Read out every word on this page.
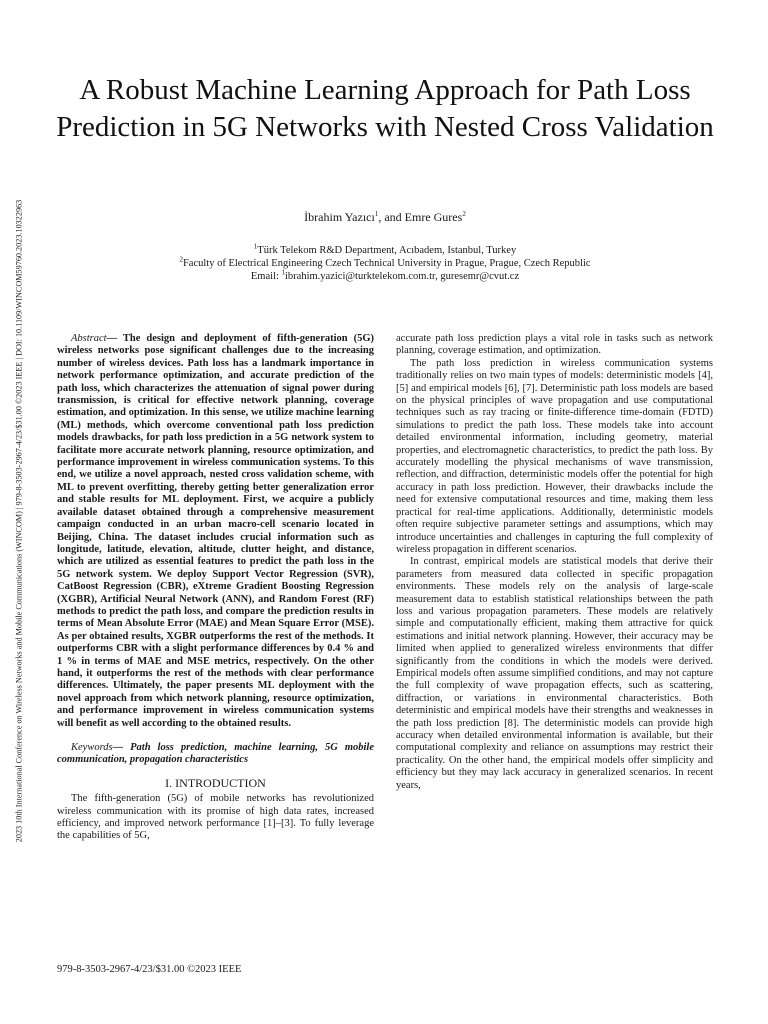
2023 10th International Conference on Wireless Networks and Mobile Communications (WINCOM) | 979-8-3503-2967-4/23/$31.00 ©2023 IEEE | DOI: 10.1109/WINCOM59760.2023.10322963
A Robust Machine Learning Approach for Path Loss Prediction in 5G Networks with Nested Cross Validation
İbrahim Yazıcı$^1$, and Emre Gures$^2$
$^1$Türk Telekom R&D Department, Acıbadem, Istanbul, Turkey
$^2$Faculty of Electrical Engineering Czech Technical University in Prague, Prague, Czech Republic
Email: $^1$ibrahim.yazici@turktelekom.com.tr, guresemr@cvut.cz

Abstract— The design and deployment of fifth-generation (5G) wireless networks pose significant challenges due to the increasing number of wireless devices. Path loss has a landmark importance in network performance optimization, and accurate prediction of the path loss, which characterizes the attenuation of signal power during transmission, is critical for effective network planning, coverage estimation, and optimization. In this sense, we utilize machine learning (ML) methods, which overcome conventional path loss prediction models drawbacks, for path loss prediction in a 5G network system to facilitate more accurate network planning, resource optimization, and performance improvement in wireless communication systems. To this end, we utilize a novel approach, nested cross validation scheme, with ML to prevent overfitting, thereby getting better generalization error and stable results for ML deployment. First, we acquire a publicly available dataset obtained through a comprehensive measurement campaign conducted in an urban macro-cell scenario located in Beijing, China. The dataset includes crucial information such as longitude, latitude, elevation, altitude, clutter height, and distance, which are utilized as essential features to predict the path loss in the 5G network system. We deploy Support Vector Regression (SVR), CatBoost Regression (CBR), eXtreme Gradient Boosting Regression (XGBR), Artificial Neural Network (ANN), and Random Forest (RF) methods to predict the path loss, and compare the prediction results in terms of Mean Absolute Error (MAE) and Mean Square Error (MSE). As per obtained results, XGBR outperforms the rest of the methods. It outperforms CBR with a slight performance differences by 0.4 % and 1 % in terms of MAE and MSE metrics, respectively. On the other hand, it outperforms the rest of the methods with clear performance differences. Ultimately, the paper presents ML deployment with the novel approach from which network planning, resource optimization, and performance improvement in wireless communication systems will benefit as well according to the obtained results.

Keywords— Path loss prediction, machine learning, 5G mobile communication, propagation characteristics

I. INTRODUCTION

The fifth-generation (5G) of mobile networks has revolutionized wireless communication with its promise of high data rates, increased efficiency, and improved network performance [1]–[3]. To fully leverage the capabilities of 5G,

accurate path loss prediction plays a vital role in tasks such as network planning, coverage estimation, and optimization.

The path loss prediction in wireless communication systems traditionally relies on two main types of models: deterministic models [4], [5] and empirical models [6], [7]. Deterministic path loss models are based on the physical principles of wave propagation and use computational techniques such as ray tracing or finite-difference time-domain (FDTD) simulations to predict the path loss. These models take into account detailed environmental information, including geometry, material properties, and electromagnetic characteristics, to predict the path loss. By accurately modelling the physical mechanisms of wave transmission, reflection, and diffraction, deterministic models offer the potential for high accuracy in path loss prediction. However, their drawbacks include the need for extensive computational resources and time, making them less practical for real-time applications. Additionally, deterministic models often require subjective parameter settings and assumptions, which may introduce uncertainties and challenges in capturing the full complexity of wireless propagation in different scenarios.

In contrast, empirical models are statistical models that derive their parameters from measured data collected in specific propagation environments. These models rely on the analysis of large-scale measurement data to establish statistical relationships between the path loss and various propagation parameters. These models are relatively simple and computationally efficient, making them attractive for quick estimations and initial network planning. However, their accuracy may be limited when applied to generalized wireless environments that differ significantly from the conditions in which the models were derived. Empirical models often assume simplified conditions, and may not capture the full complexity of wave propagation effects, such as scattering, diffraction, or variations in environmental characteristics. Both deterministic and empirical models have their strengths and weaknesses in the path loss prediction [8]. The deterministic models can provide high accuracy when detailed environmental information is available, but their computational complexity and reliance on assumptions may restrict their practicality. On the other hand, the empirical models offer simplicity and efficiency but they may lack accuracy in generalized scenarios. In recent years,

979-8-3503-2967-4/23/$31.00 ©2023 IEEE
